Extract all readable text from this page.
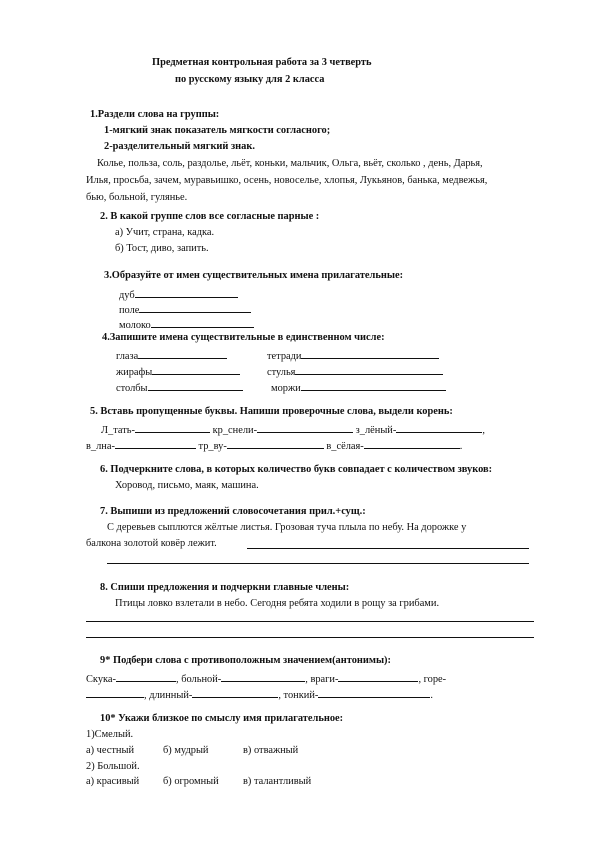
Предметная контрольная работа за 3 четверть
по русскому языку для 2 класса
1.Раздели слова на группы:
1-мягкий знак показатель мягкости согласного;
2-разделительный мягкий знак.
Колье, польза, соль, раздолье, льёт, коньки, мальчик, Ольга, вьёт, сколько , день, Дарья,
Илья, просьба, зачем, муравьишко, осень, новоселье, хлопья, Лукьянов, банька, медвежья,
бью, больной, гулянье.
2. В какой группе слов все согласные парные :
а) Учит, страна, кадка.
б) Тост, диво, запить.
3.Образуйте от имен существительных имена прилагательные:
дуб
поле
молоко
4.Запишите имена существительные в единственном числе:
глаза	тетради
жирафы	стулья
столбы	моржи
5. Вставь пропущенные буквы. Напиши проверочные слова, выдели корень:
Л_тать-	кр_снели-	з_лёный-	,
в_лна-	тр_ву-	в_сёлая-	.
6. Подчеркните слова, в которых количество букв совпадает с количеством звуков:
Хоровод, письмо, маяк, машина.
7. Выпиши из предложений словосочетания прил.+сущ.:
С деревьев сыплются жёлтые листья. Грозовая туча плыла по небу. На дорожке у
балкона золотой ковёр лежит.
8. Спиши предложения и подчеркни главные члены:
Птицы ловко взлетали в небо. Сегодня ребята ходили в рощу за грибами.
9* Подбери слова с противоположным значением(антонимы):
Скука-	, больной-	, враги-	, горе-
, длинный-	, тонкий-	.
10* Укажи близкое по смыслу имя прилагательное:
1)Смелый.
а) честный	б) мудрый	в) отважный
2) Большой.
а) красивый б) огромный в) талантливый
